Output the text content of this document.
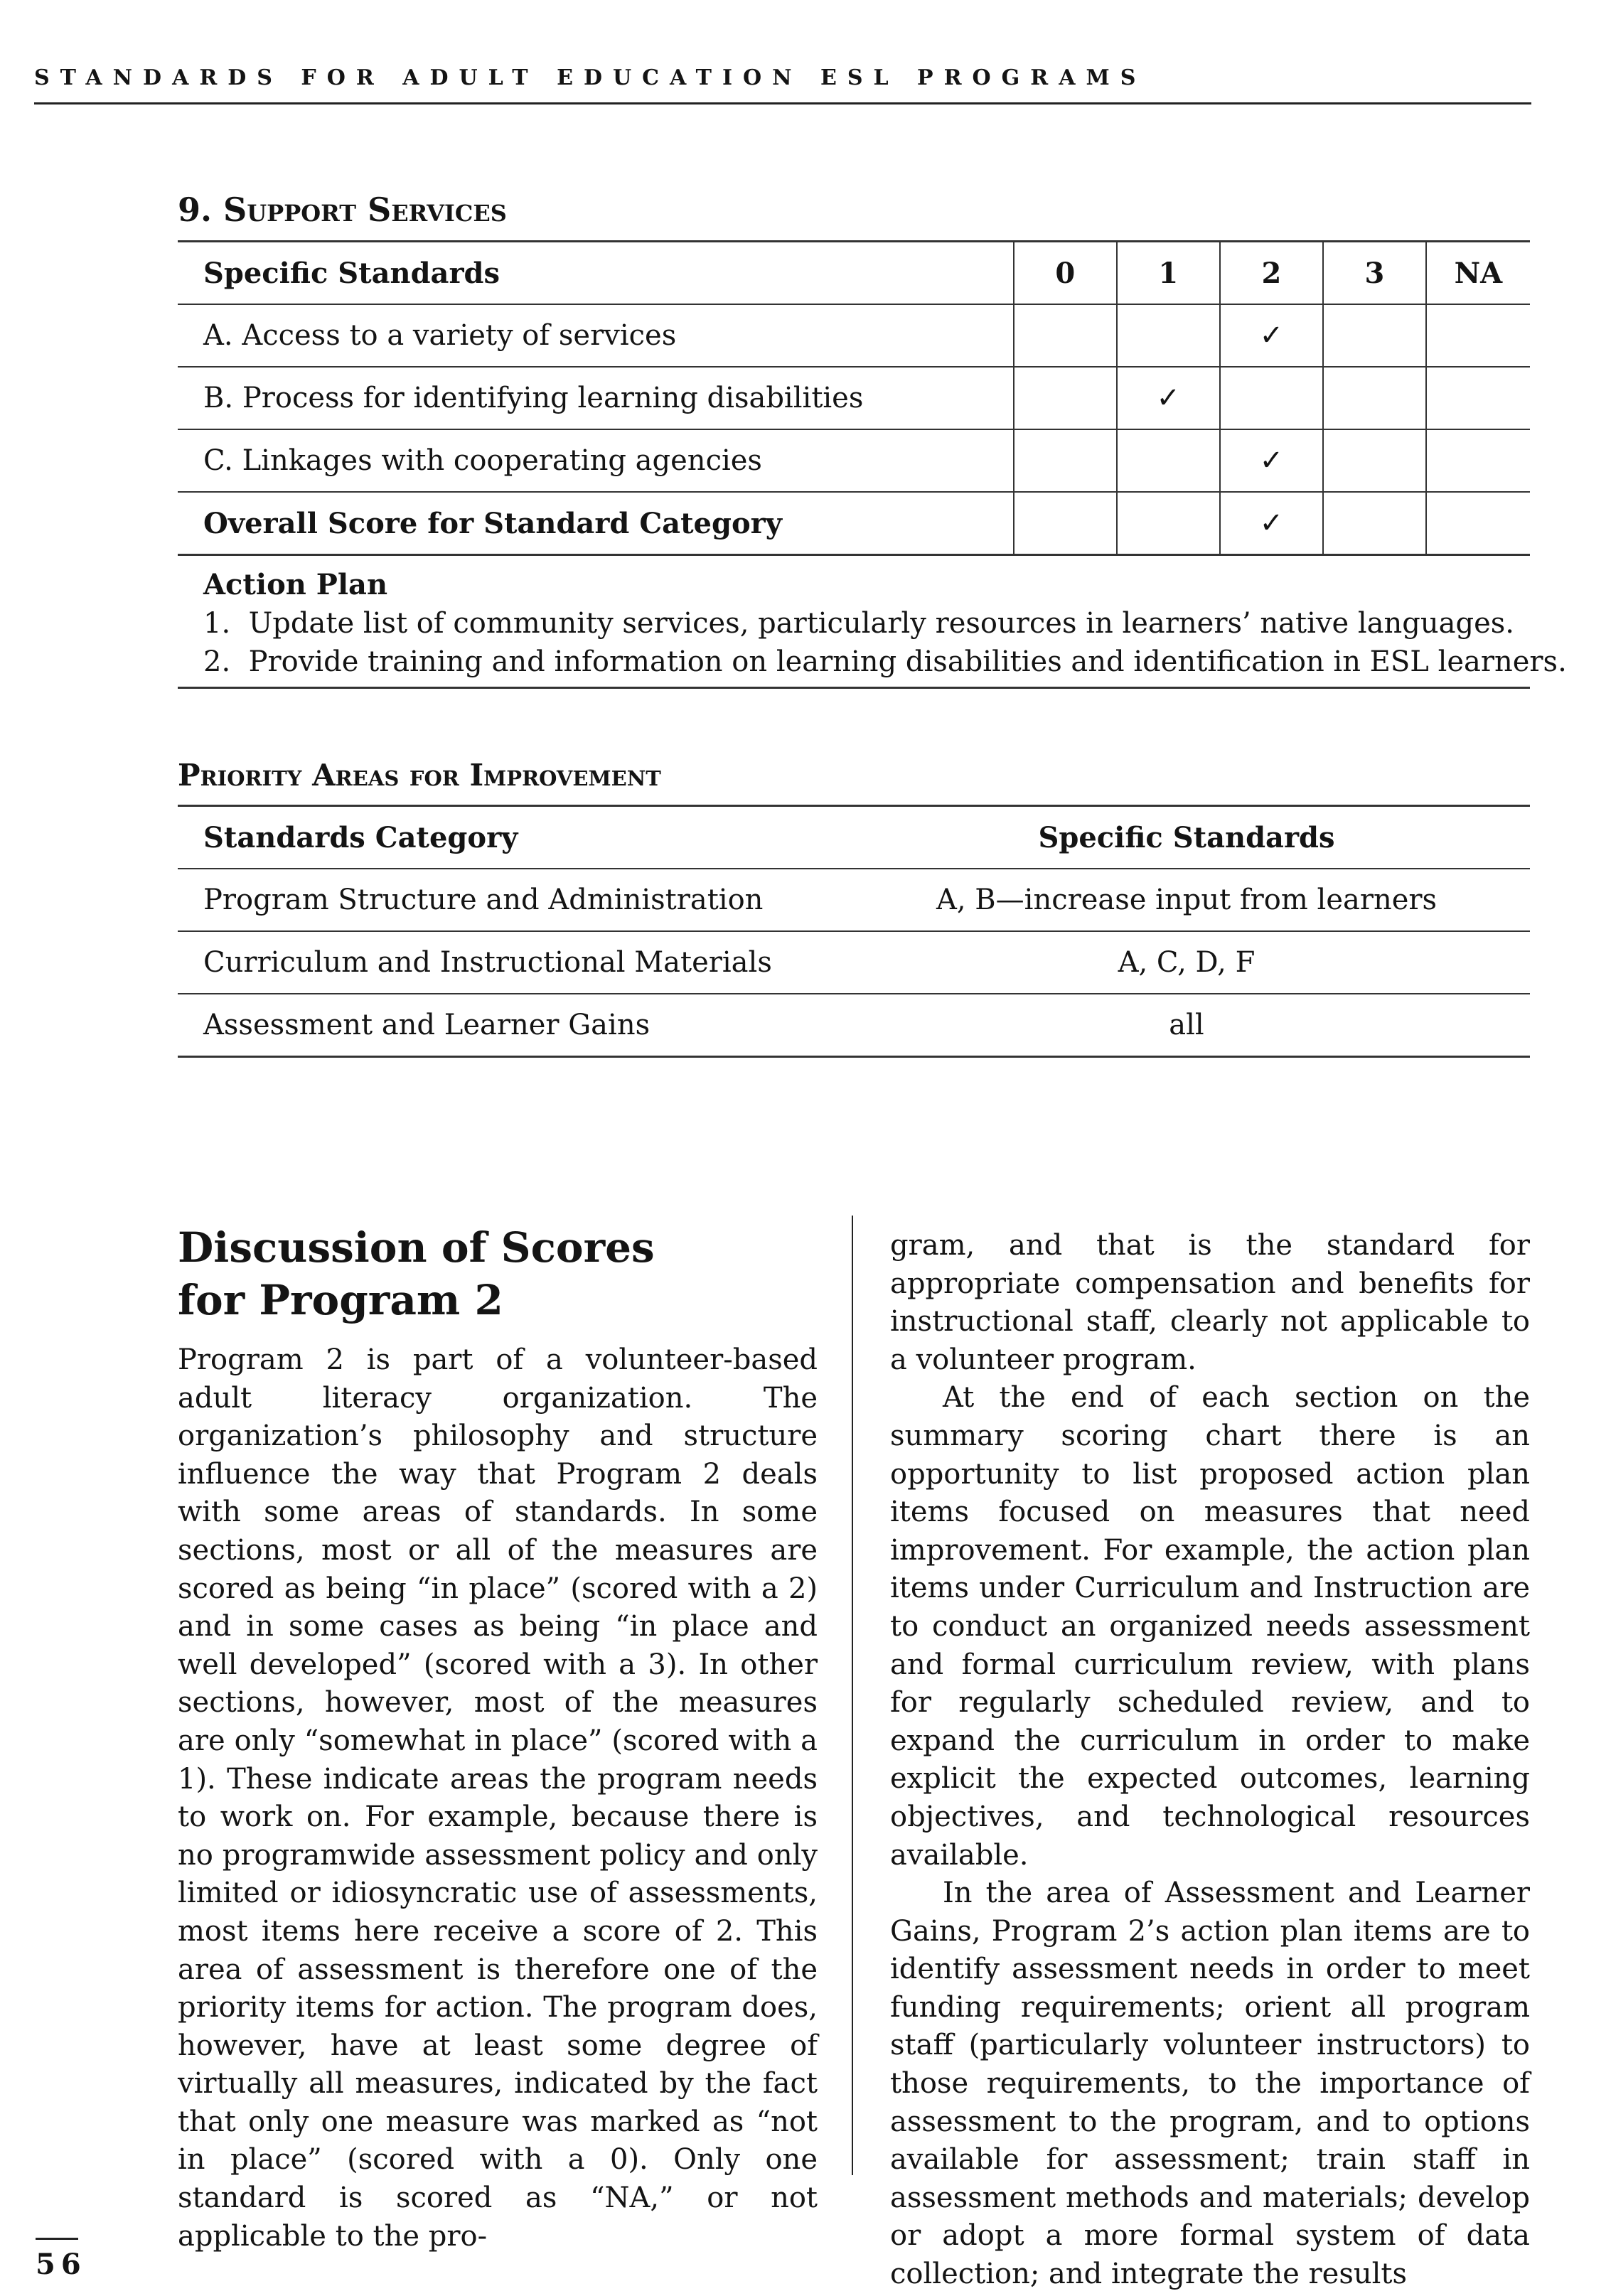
STANDARDS FOR ADULT EDUCATION ESL PROGRAMS
9. Support Services
Specific Standards	0	1	2	3	NA
A. Access to a variety of services			✓		
B. Process for identifying learning disabilities		✓			
C. Linkages with cooperating agencies			✓		
Overall Score for Standard Category			✓		
Action Plan
1.  Update list of community services, particularly resources in learners’ native languages.
2.  Provide training and information on learning disabilities and identification in ESL learners.
Priority Areas for Improvement
Standards Category	Specific Standards
Program Structure and Administration	A, B—increase input from learners
Curriculum and Instructional Materials	A, C, D, F
Assessment and Learner Gains	all
Discussion of Scores
for Program 2

Program 2 is part of a volunteer-based adult literacy organization. The organization’s philosophy and structure influence the way that Program 2 deals with some areas of standards. In some sections, most or all of the measures are scored as being “in place” (scored with a 2) and in some cases as being “in place and well developed” (scored with a 3). In other sections, however, most of the measures are only “somewhat in place” (scored with a 1). These indicate areas the program needs to work on. For example, because there is no programwide assessment policy and only limited or idiosyncratic use of assessments, most items here receive a score of 2. This area of assessment is therefore one of the priority items for action. The program does, however, have at least some degree of virtually all measures, indicated by the fact that only one measure was marked as “not in place” (scored with a 0). Only one standard is scored as “NA,” or not applicable to the pro-

gram, and that is the standard for appropriate compensation and benefits for instructional staff, clearly not applicable to a volunteer program.

At the end of each section on the summary scoring chart there is an opportunity to list proposed action plan items focused on measures that need improvement. For example, the action plan items under Curriculum and Instruction are to conduct an organized needs assessment and formal curriculum review, with plans for regularly scheduled review, and to expand the curriculum in order to make explicit the expected outcomes, learning objectives, and technological resources available.

In the area of Assessment and Learner Gains, Program 2’s action plan items are to identify assessment needs in order to meet funding requirements; orient all program staff (particularly volunteer instructors) to those requirements, to the importance of assessment to the program, and to options available for assessment; train staff in assessment methods and materials; develop or adopt a more formal system of data collection; and integrate the results

56
